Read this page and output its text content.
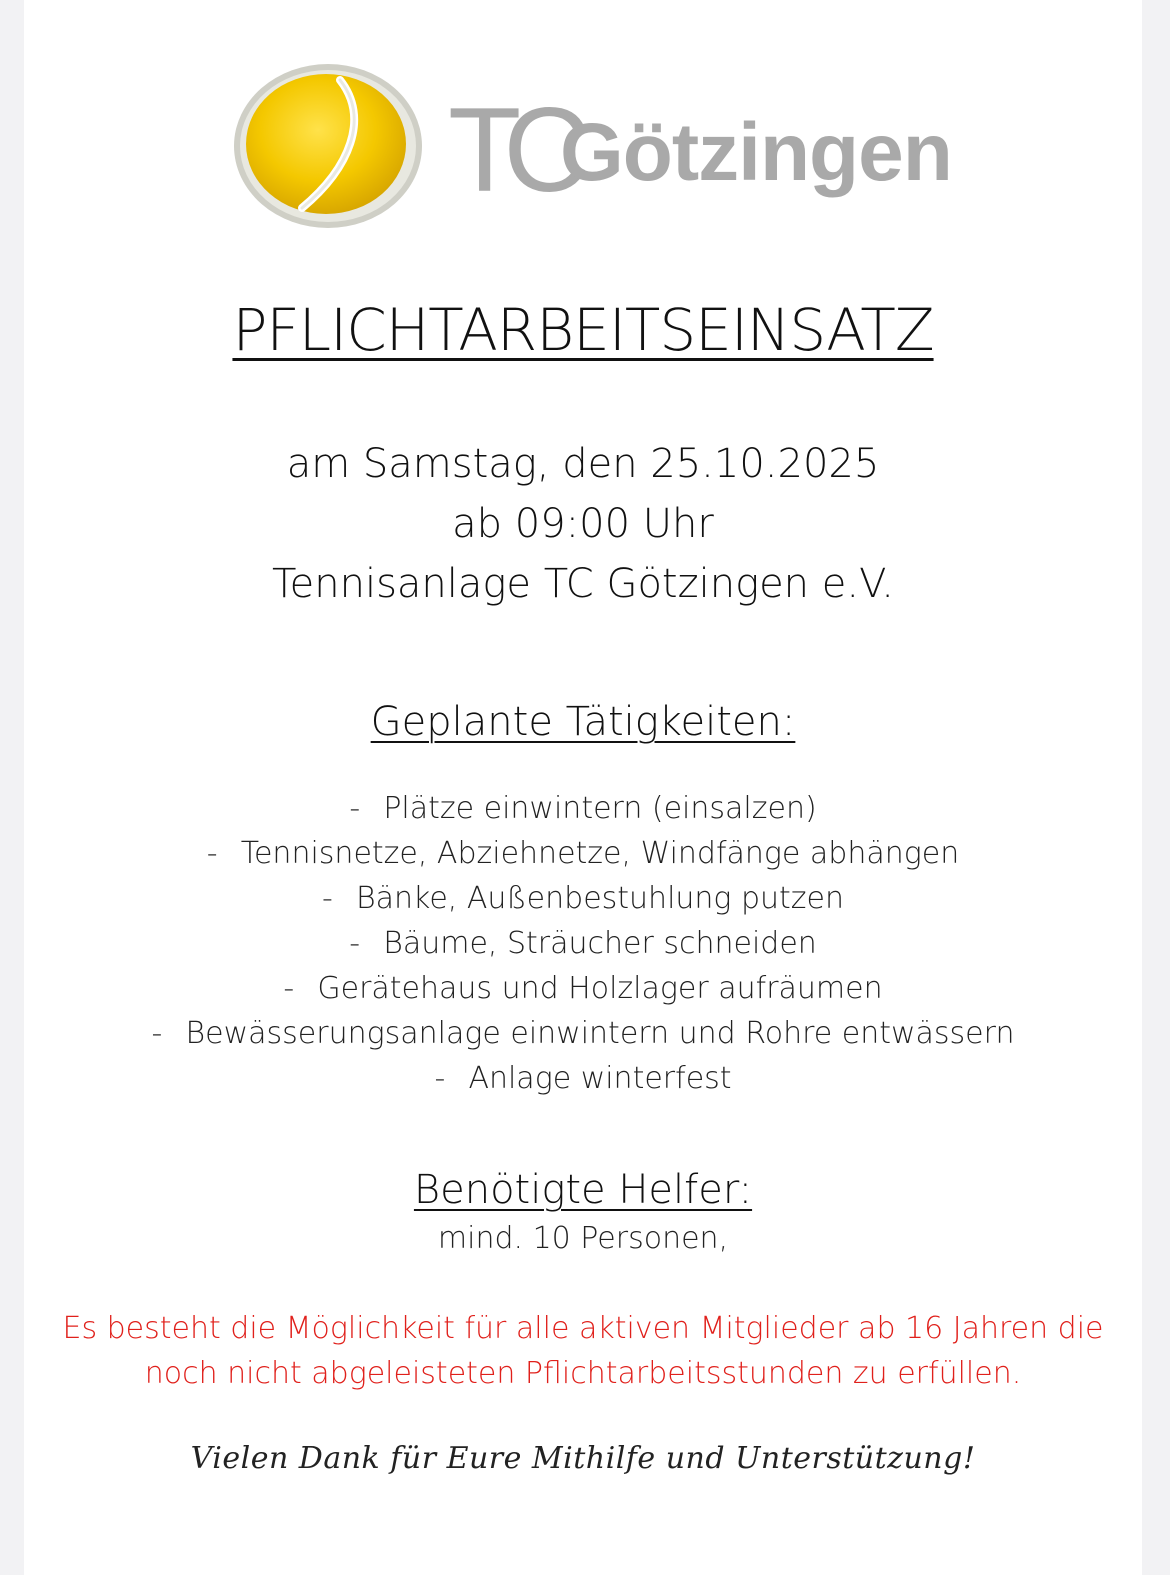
TC
Götzingen
PFLICHTARBEITSEINSATZ
am Samstag, den 25.10.2025
ab 09:00 Uhr
Tennisanlage TC Götzingen e.V.
Geplante Tätigkeiten:
- Plätze einwintern (einsalzen)
- Tennisnetze, Abziehnetze, Windfänge abhängen
- Bänke, Außenbestuhlung putzen
- Bäume, Sträucher schneiden
- Gerätehaus und Holzlager aufräumen
- Bewässerungsanlage einwintern und Rohre entwässern
- Anlage winterfest
Benötigte Helfer:
mind. 10 Personen,
Es besteht die Möglichkeit für alle aktiven Mitglieder ab 16 Jahren die
noch nicht abgeleisteten Pflichtarbeitsstunden zu erfüllen.
Vielen Dank für Eure Mithilfe und Unterstützung!
